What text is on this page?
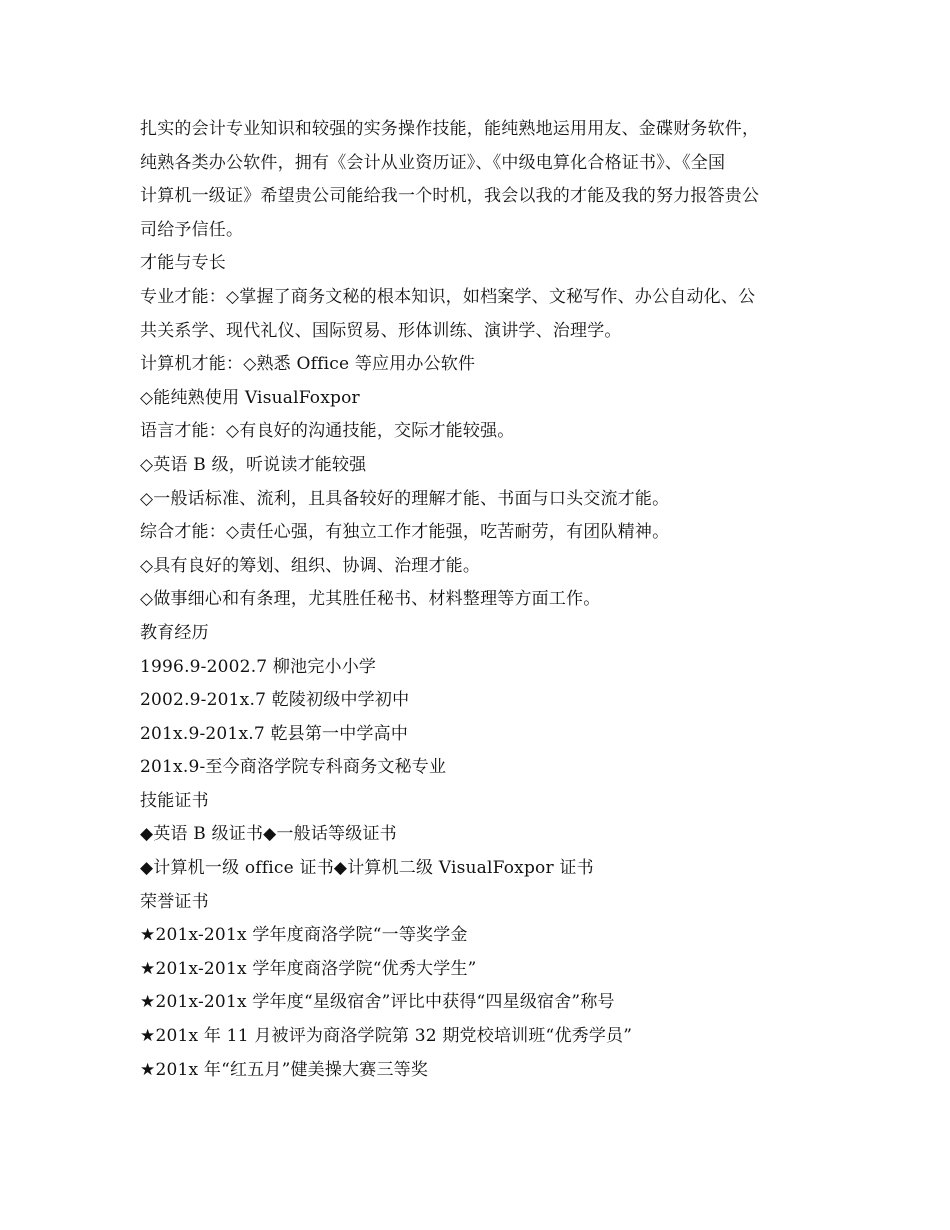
扎实的会计专业知识和较强的实务操作技能，能纯熟地运用用友、金碟财务软件，
纯熟各类办公软件，拥有《会计从业资历证》、《中级电算化合格证书》、《全国
计算机一级证》希望贵公司能给我一个时机，我会以我的才能及我的努力报答贵公
司给予信任。
才能与专长
专业才能：◇掌握了商务文秘的根本知识，如档案学、文秘写作、办公自动化、公
共关系学、现代礼仪、国际贸易、形体训练、演讲学、治理学。
计算机才能：◇熟悉 Office 等应用办公软件
◇能纯熟使用 VisualFoxpor
语言才能：◇有良好的沟通技能，交际才能较强。
◇英语 B 级，听说读才能较强
◇一般话标准、流利，且具备较好的理解才能、书面与口头交流才能。
综合才能：◇责任心强，有独立工作才能强，吃苦耐劳，有团队精神。
◇具有良好的筹划、组织、协调、治理才能。
◇做事细心和有条理，尤其胜任秘书、材料整理等方面工作。
教育经历
1996.9-2002.7 柳池完小小学
2002.9-201x.7 乾陵初级中学初中
201x.9-201x.7 乾县第一中学高中
201x.9-至今商洛学院专科商务文秘专业
技能证书
◆英语 B 级证书◆一般话等级证书
◆计算机一级 office 证书◆计算机二级 VisualFoxpor 证书
荣誉证书
★201x-201x 学年度商洛学院“一等奖学金
★201x-201x 学年度商洛学院“优秀大学生”
★201x-201x 学年度“星级宿舍”评比中获得“四星级宿舍”称号
★201x 年 11 月被评为商洛学院第 32 期党校培训班“优秀学员”
★201x 年“红五月”健美操大赛三等奖
